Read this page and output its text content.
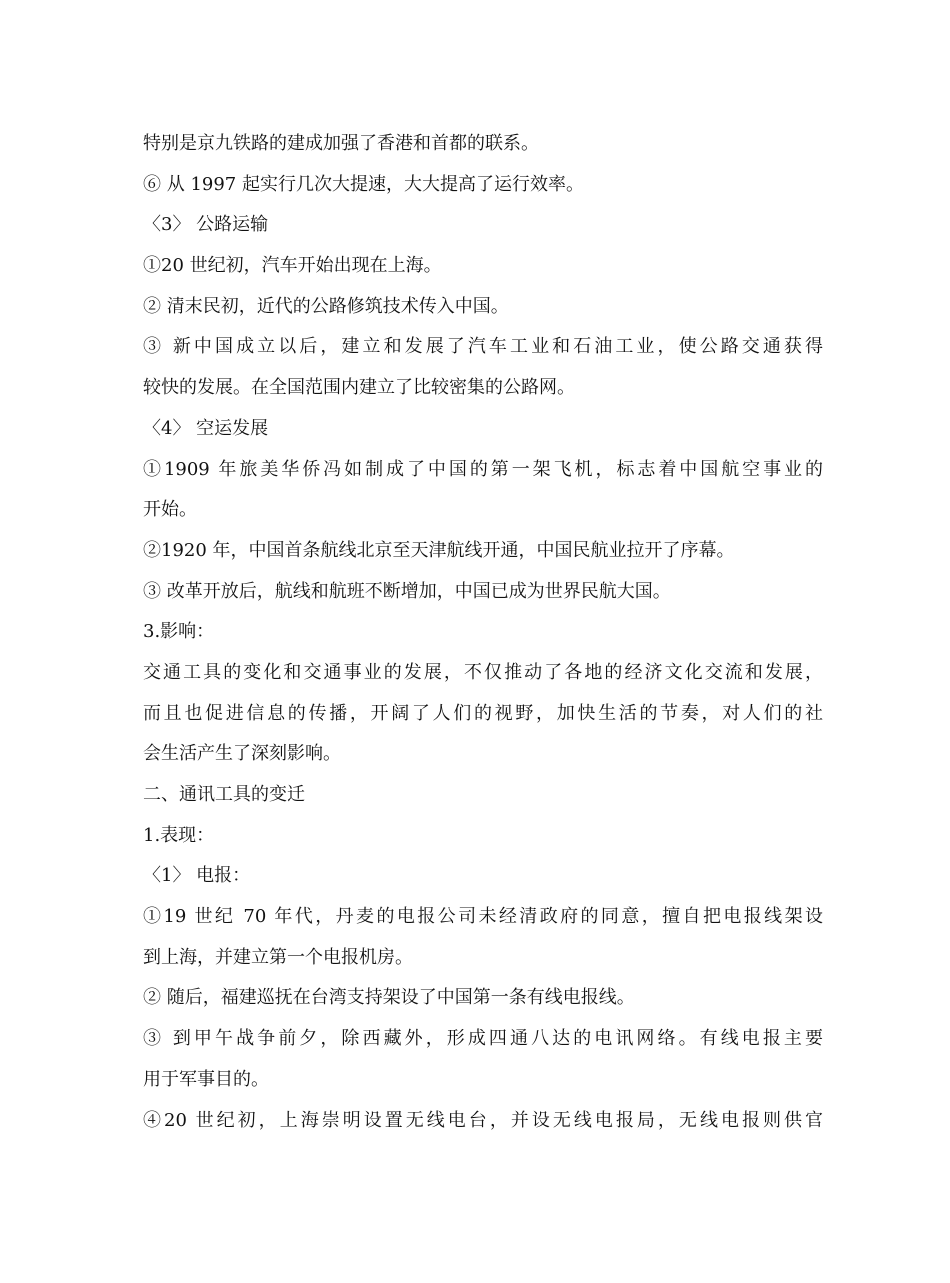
特别是京九铁路的建成加强了香港和首都的联系。
⑥ 从 1997 起实行几次大提速，大大提高了运行效率。
〈3〉 公路运输
①20 世纪初，汽车开始出现在上海。
② 清末民初，近代的公路修筑技术传入中国。
③ 新中国成立以后，建立和发展了汽车工业和石油工业，使公路交通获得
较快的发展。在全国范围内建立了比较密集的公路网。
〈4〉 空运发展
①1909 年旅美华侨冯如制成了中国的第一架飞机，标志着中国航空事业的
开始。
②1920 年，中国首条航线北京至天津航线开通，中国民航业拉开了序幕。
③ 改革开放后，航线和航班不断增加，中国已成为世界民航大国。
3.影响：
交通工具的变化和交通事业的发展，不仅推动了各地的经济文化交流和发展，
而且也促进信息的传播，开阔了人们的视野，加快生活的节奏，对人们的社
会生活产生了深刻影响。
二、通讯工具的变迁
1.表现：
〈1〉 电报：
①19 世纪 70 年代，丹麦的电报公司未经清政府的同意，擅自把电报线架设
到上海，并建立第一个电报机房。
② 随后，福建巡抚在台湾支持架设了中国第一条有线电报线。
③ 到甲午战争前夕，除西藏外，形成四通八达的电讯网络。有线电报主要
用于军事目的。
④20 世纪初，上海崇明设置无线电台，并设无线电报局，无线电报则供官
